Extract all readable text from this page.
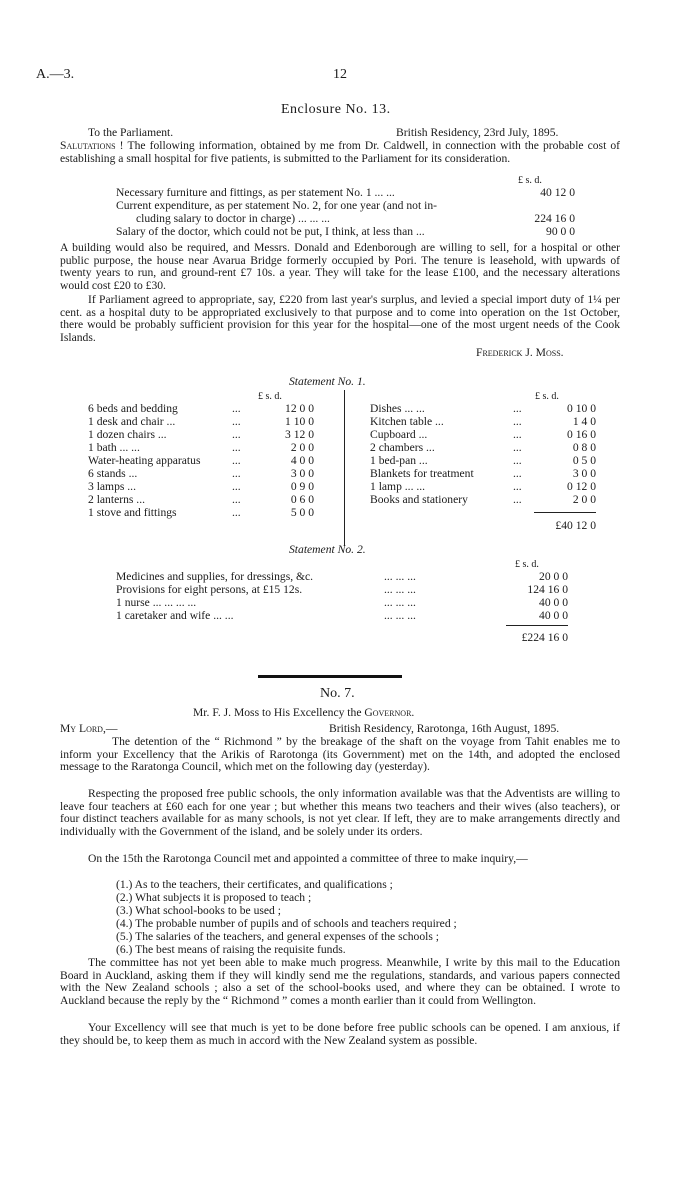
A.—3.	12
Enclosure No. 13.
To the Parliament.	British Residency, 23rd July, 1895.
Salutations ! The following information, obtained by me from Dr. Caldwell, in connection with the probable cost of establishing a small hospital for five patients, is submitted to the Parliament for its consideration.
£ s. d.
Necessary furniture and fittings, as per statement No. 1 ... ...	40 12 0
Current expenditure, as per statement No. 2, for one year (and not in-
cluding salary to doctor in charge) ... ... ...	224 16 0
Salary of the doctor, which could not be put, I think, at less than ...	90 0 0
A building would also be required, and Messrs. Donald and Edenborough are willing to sell, for a hospital or other public purpose, the house near Avarua Bridge formerly occupied by Pori. The tenure is leasehold, with upwards of twenty years to run, and ground-rent £7 10s. a year. They will take for the lease £100, and the necessary alterations would cost £20 to £30.
If Parliament agreed to appropriate, say, £220 from last year's surplus, and levied a special import duty of 1¼ per cent. as a hospital duty to be appropriated exclusively to that purpose and to come into operation on the 1st October, there would be probably sufficient provision for this year for the hospital—one of the most urgent needs of the Cook Islands.
Frederick J. Moss.
Statement No. 1.
£ s. d.	£ s. d.
6 beds and bedding	...	12 0 0
1 desk and chair ...	...	1 10 0
1 dozen chairs ...	...	3 12 0
1 bath ... ...	...	2 0 0
Water-heating apparatus	...	4 0 0
6 stands ...	...	3 0 0
3 lamps ...	...	0 9 0
2 lanterns ...	...	0 6 0
1 stove and fittings	...	5 0 0
Dishes ... ...	...	0 10 0
Kitchen table ...	...	1 4 0
Cupboard ...	...	0 16 0
2 chambers ...	...	0 8 0
1 bed-pan ...	...	0 5 0
Blankets for treatment	...	3 0 0
1 lamp ... ...	...	0 12 0
Books and stationery	...	2 0 0
£40 12 0
Statement No. 2.
£ s. d.
Medicines and supplies, for dressings, &c.	... ... ...	20 0 0
Provisions for eight persons, at £15 12s.	... ... ...	124 16 0
1 nurse ... ... ... ...	... ... ...	40 0 0
1 caretaker and wife ... ...	... ... ...	40 0 0
£224 16 0
No. 7.
Mr. F. J. Moss to His Excellency the Governor.
My Lord,—	British Residency, Rarotonga, 16th August, 1895.
The detention of the “ Richmond ” by the breakage of the shaft on the voyage from Tahit enables me to inform your Excellency that the Arikis of Rarotonga (its Government) met on the 14th, and adopted the enclosed message to the Raratonga Council, which met on the following day (yesterday).
Respecting the proposed free public schools, the only information available was that the Adventists are willing to leave four teachers at £60 each for one year ; but whether this means two teachers and their wives (also teachers), or four distinct teachers available for as many schools, is not yet clear. If left, they are to make arrangements directly and individually with the Government of the island, and be solely under its orders.
On the 15th the Rarotonga Council met and appointed a committee of three to make inquiry,—
(1.) As to the teachers, their certificates, and qualifications ;
(2.) What subjects it is proposed to teach ;
(3.) What school-books to be used ;
(4.) The probable number of pupils and of schools and teachers required ;
(5.) The salaries of the teachers, and general expenses of the schools ;
(6.) The best means of raising the requisite funds.
The committee has not yet been able to make much progress. Meanwhile, I write by this mail to the Education Board in Auckland, asking them if they will kindly send me the regulations, standards, and various papers connected with the New Zealand schools ; also a set of the school-books used, and where they can be obtained. I wrote to Auckland because the reply by the “ Richmond ” comes a month earlier than it could from Wellington.
Your Excellency will see that much is yet to be done before free public schools can be opened. I am anxious, if they should be, to keep them as much in accord with the New Zealand system as possible.
